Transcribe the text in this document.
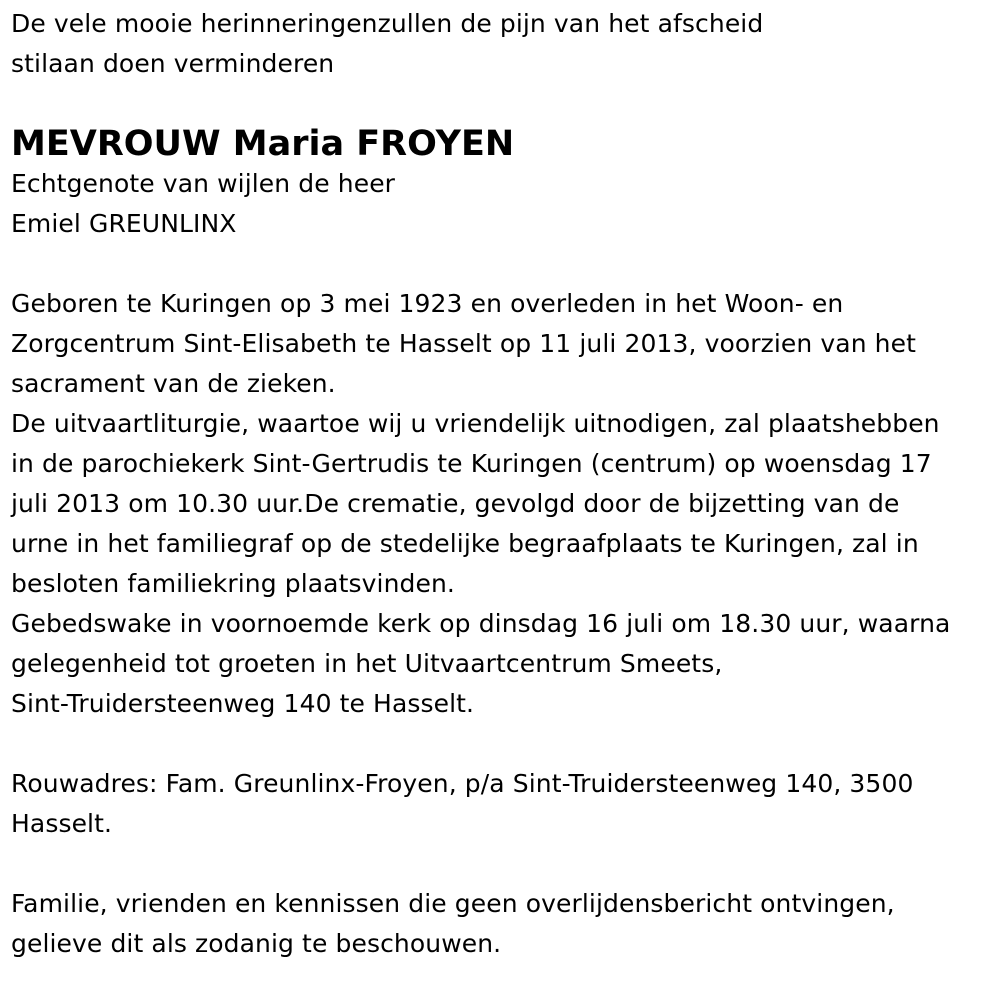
De vele mooie herinneringenzullen de pijn van het afscheid
stilaan doen verminderen
MEVROUW Maria FROYEN
Echtgenote van wijlen de heer
Emiel GREUNLINX
Geboren te Kuringen op 3 mei 1923 en overleden in het Woon- en
Zorgcentrum Sint-Elisabeth te Hasselt op 11 juli 2013, voorzien van het
sacrament van de zieken.
De uitvaartliturgie, waartoe wij u vriendelijk uitnodigen, zal plaatshebben
in de parochiekerk Sint-Gertrudis te Kuringen (centrum) op woensdag 17
juli 2013 om 10.30 uur.De crematie, gevolgd door de bijzetting van de
urne in het familiegraf op de stedelijke begraafplaats te Kuringen, zal in
besloten familiekring plaatsvinden.
Gebedswake in voornoemde kerk op dinsdag 16 juli om 18.30 uur, waarna
gelegenheid tot groeten in het Uitvaartcentrum Smeets,
Sint-Truidersteenweg 140 te Hasselt.
Rouwadres: Fam. Greunlinx-Froyen, p/a Sint-Truidersteenweg 140, 3500
Hasselt.
Familie, vrienden en kennissen die geen overlijdensbericht ontvingen,
gelieve dit als zodanig te beschouwen.
